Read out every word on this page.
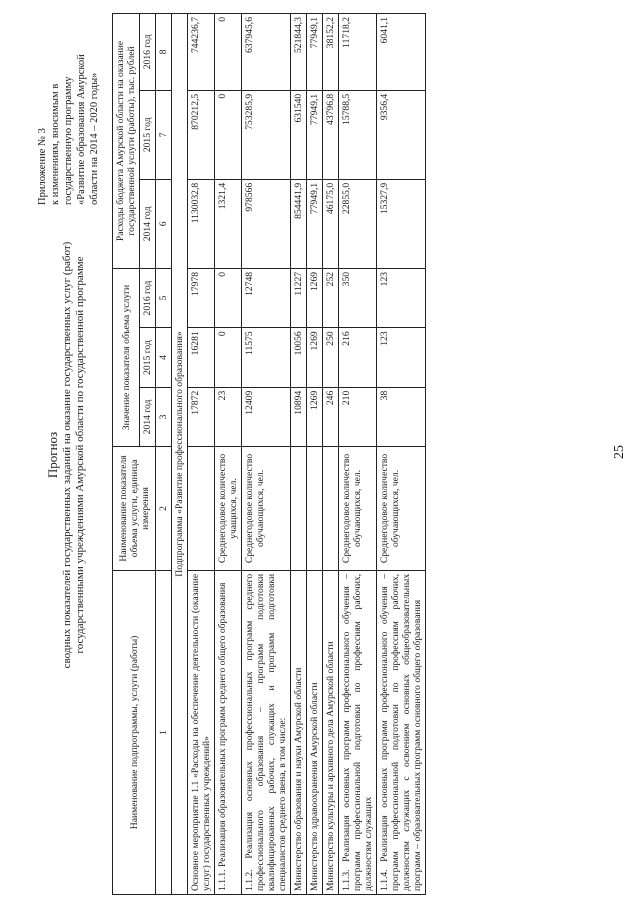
25
Приложение № 3 к изменениям, вносимым в государственную программу «Развитие образования Амурской области на 2014 – 2020 годы»
Прогноз сводных показателей государственных заданий на оказание государственных услуг (работ) государственными учреждениями Амурской области по государственной программе
Наименование подпрограммы, услуги (работы)	Наименование показателя объема услуги, единица измерения	Значение показателя объема услуги			Расходы бюджета Амурской области на оказание государственной услуги (работы), тыс. рублей		
		2014 год	2015 год	2016 год	2014 год	2015 год	2016 год
1	2	3	4	5	6	7	8
Подпрограмма «Развитие профессионального образования»							
Основное мероприятие 1.1 «Расходы на обеспечение деятельности (оказание услуг) государственных учреждений»		17872	16281	17978	1130032,8	870212,5	744236,7
1.1.1. Реализация образовательных программ среднего общего образования	Среднегодовое количество учащихся, чел.	23	0	0	1321,4	0	0
1.1.2. Реализация основных профессиональных программ среднего профессионального образования – программ подготовки квалифицированных рабочих, служащих и программ подготовки специалистов среднего звена, в том числе:	Среднегодовое количество обучающихся, чел.	12409	11575	12748	978566	753285,9	637945,6
Министерство образования и науки Амурской области		10894	10056	11227	854441,9	631540	521844,3
Министерство здравоохранения Амурской области		1269	1269	1269	77949,1	77949,1	77949,1
Министерство культуры и архивного дела Амурской области		246	250	252	46175,0	43796,8	38152,2
1.1.3. Реализация основных программ профессионального обучения – программ профессиональной подготовки по профессиям рабочих, должностям служащих	Среднегодовое количество обучающихся, чел.	210	216	350	22855,0	15788,5	11718,2
1.1.4. Реализация основных программ профессионального обучения – программ профессиональной подготовки по профессиям рабочих, должностям служащих с освоением основных общеобразовательных программ – образовательных программ основного общего образования	Среднегодовое количество обучающихся, чел.	38	123	123	15327,9	9356,4	6041,1
